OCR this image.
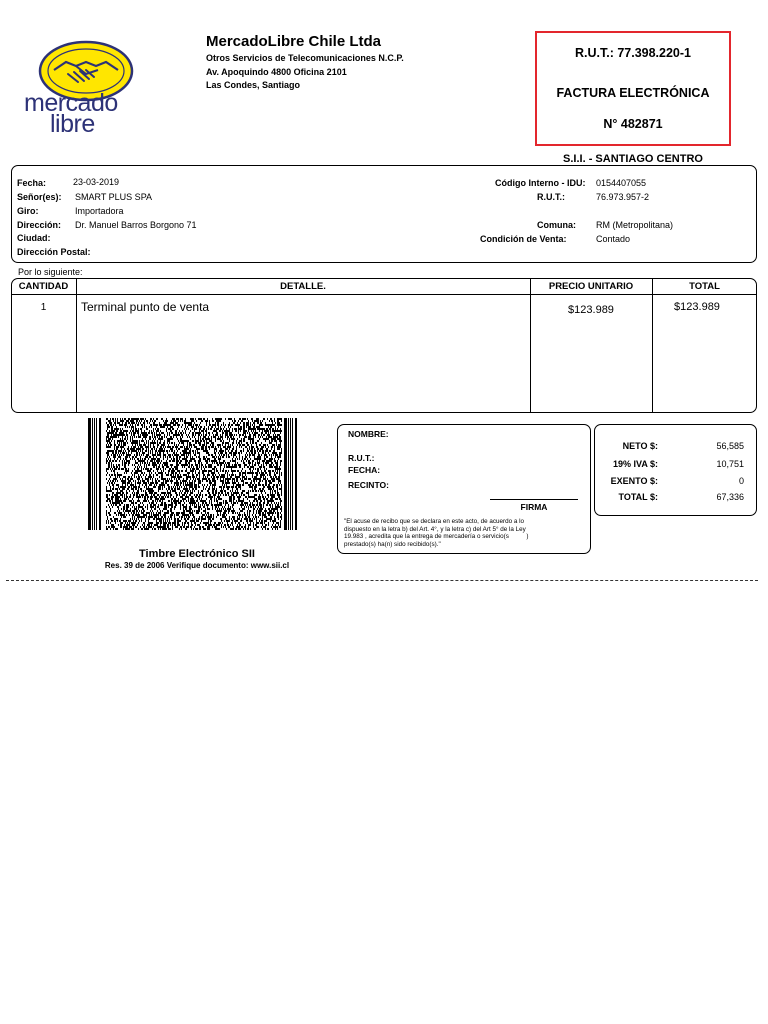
mercado
libre
MercadoLibre Chile Ltda
Otros Servicios de Telecomunicaciones N.C.P.
Av. Apoquindo 4800 Oficina 2101
Las Condes, Santiago
R.U.T.: 77.398.220-1
FACTURA ELECTRÓNICA
N° 482871
S.I.I. - SANTIAGO CENTRO
Fecha:	23-03-2019
Señor(es): SMART PLUS SPA
Giro:	Importadora
Dirección: Dr. Manuel Barros Borgono 71
Ciudad:
Dirección Postal:
Código Interno - IDU: 0154407055
R.U.T.:	76.973.957-2
Comuna: RM (Metropolitana)
Condición de Venta:	Contado
Por lo siguiente:
CANTIDAD	DETALLE.	PRECIO UNITARIO	TOTAL
1	Terminal punto de venta	$123.989	$123.989
Timbre Electrónico SII
Res. 39 de 2006 Verifique documento: www.sii.cl
NOMBRE:
R.U.T.:
FECHA:
RECINTO:
FIRMA
"El acuse de recibo que se declara en este acto, de acuerdo a lo
dispuesto en la letra b) del Art. 4°, y la letra c) del Art 5° de la Ley
19.983 , acredita que la entrega de mercadería o servicio(s          )
prestado(s) ha(n) sido recibido(s)."
NETO $:	56,585
19% IVA $:	10,751
EXENTO $:	0
TOTAL $:	67,336
